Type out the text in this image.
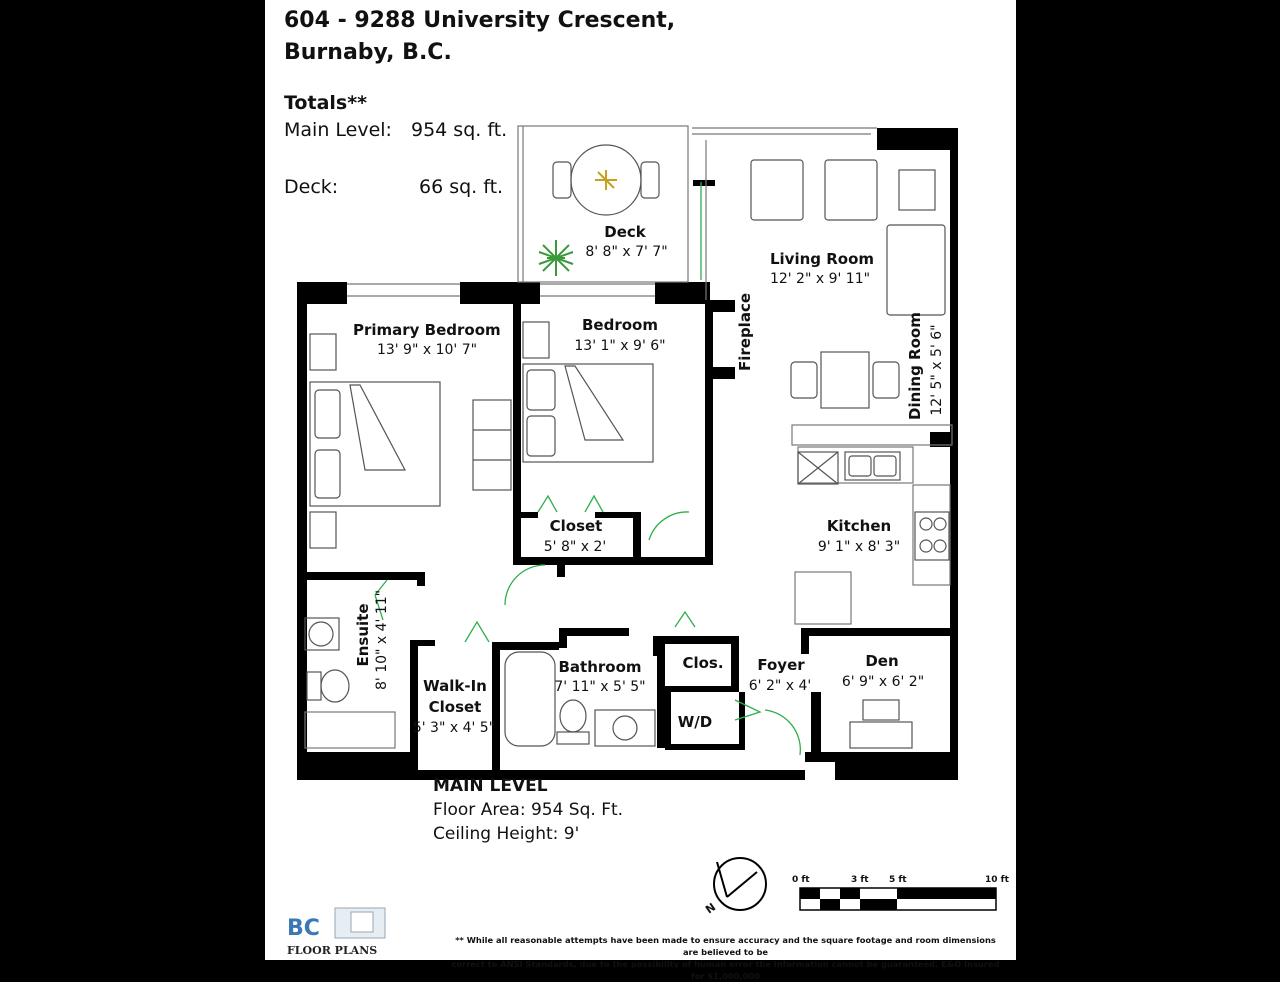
604 - 9288 University Crescent,
Burnaby, B.C.
Totals**
Main Level: 954 sq. ft.
Deck:	66 sq. ft.
Deck
8' 8" x 7' 7"	Living Room
12' 2" x 9' 11"
Primary Bedroom
13' 9" x 10' 7"
Bedroom
13' 1" x 9' 6"	Fireplace	Dining Room 12' 5" x 5' 6"
Closet
5' 8" x 2'
Kitchen
9' 1" x 8' 3"
Ensuite 8' 10" x 4' 11" Walk-In
Closet
5' 3" x 4' 5"
Bathroom
7' 11" x 5' 5"
Clos.
W/D
Foyer
6' 2" x 4'
Den
6' 9" x 6' 2"
MAIN LEVEL
Floor Area: 954 Sq. Ft.
Ceiling Height: 9'
N
0 ft	3 ft 5 ft	10 ft
BC
FLOOR PLANS
** While all reasonable attempts have been made to ensure accuracy and the square footage and room dimensions are believed to be
correct to ANSI Standards, due to the possibility of human error the information cannot be guaranteed. E&O Insured for $1,000,000
